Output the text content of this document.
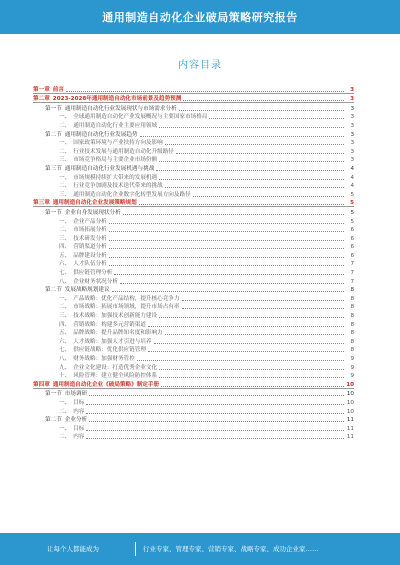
通用制造自动化企业破局策略研究报告
内容目录
第一章 前言	3
第二章 2023-2028年通用制造自动化市场前景及趋势预测	3
第一节 通用制造自动化行业发展现状与市场需求分析	3
一、 全球通用制造自动化产业发展概况与主要国家市场格局	3
二、 通用制造自动化行业主要应用领域	3
第二节 通用制造自动化行业发展趋势	3
一、 国家政策环境与产业扶持方向及影响	3
二、 行业技术发展与通用制造自动化升级路径	3
三、 市场竞争格局与主要企业市场份额	3
第三节 通用制造自动化行业发展机遇与挑战	4
一、 市场规模持续扩大带来的发展机遇	4
二、 行业竞争加剧及技术迭代带来的挑战	4
三、 通用制造自动化企业数字化转型发展方向及路径	5
第三章 通用制造自动化企业发展策略规划	5
第一节 企业自身发展现状分析	5
一、 企业产品分析	5
二、 市场拓展分析	6
三、 技术研发分析	6
四、 营销渠道分析	6
五、 品牌建设分析	6
六、 人才队伍分析	7
七、 供应链管理分析	7
八、 企业财务状况分析	7
第二节 发展战略规划建议	8
一、 产品战略：优化产品结构，提升核心竞争力	8
二、 市场战略：拓展市场领域，提升市场占有率	8
三、 技术战略：加强技术创新能力建设	8
四、 营销战略：构建多元营销渠道	8
五、 品牌战略：提升品牌知名度和影响力	8
六、 人才战略：加强人才引进与培养	8
七、 供应链战略：优化供应链管理	8
八、 财务战略：加强财务管控	9
九、 企业文化建设：打造优秀企业文化	9
十、 风险管理：建立健全风险防控体系	9
第四章 通用制造自动化企业《破局策略》制定手册	10
第一节 市场调研	10
一、 目标	10
二、 内容	10
第二节 企业分析	11
一、 目标	11
二、 内容	11
让每个人都能成为	行业专家、管理专家、营销专家、战略专家、成功企业家……
